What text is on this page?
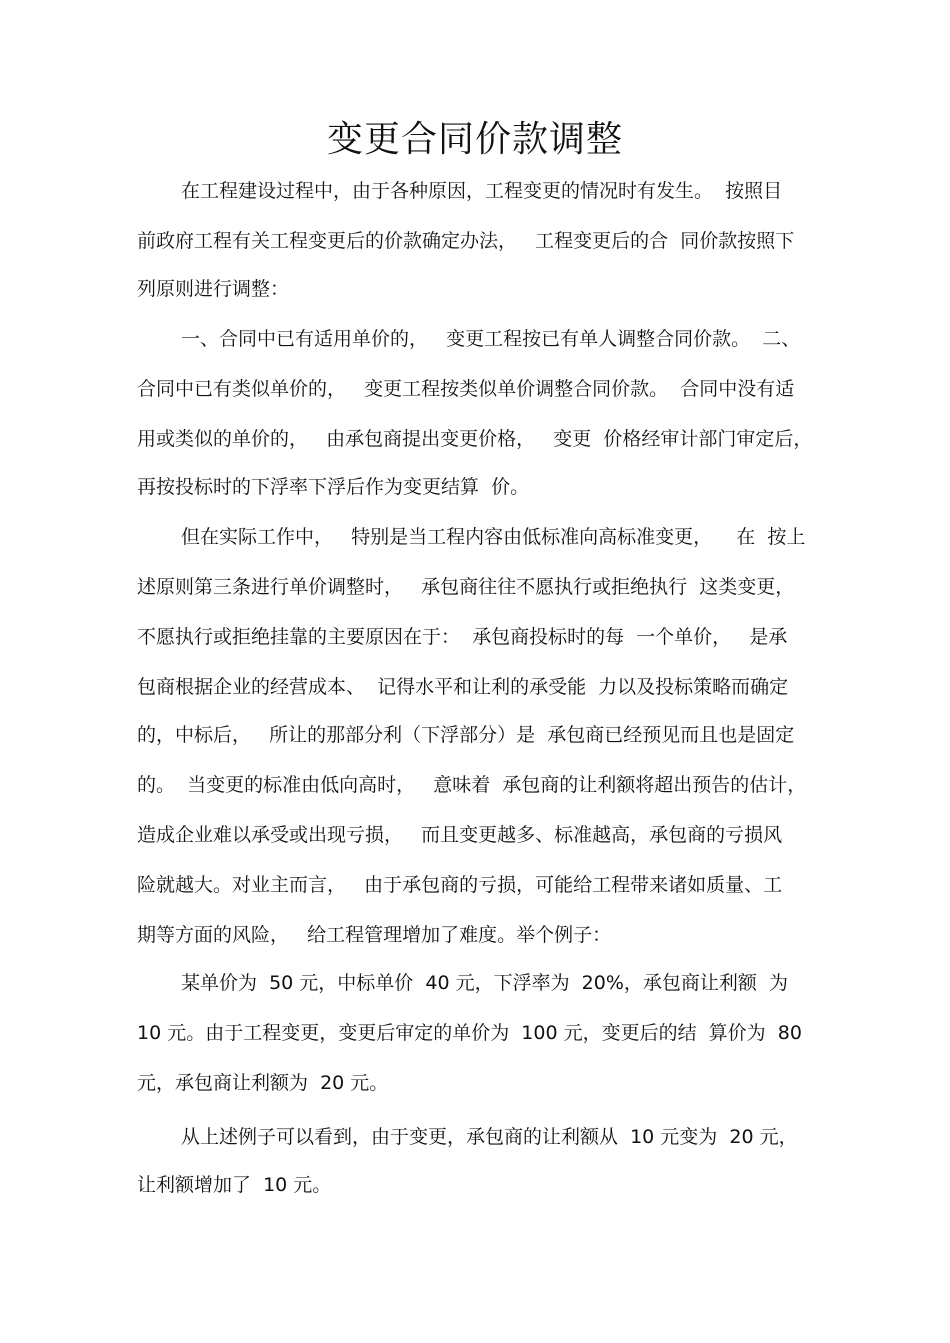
变更合同价款调整

在工程建设过程中，由于各种原因，工程变更的情况时有发生。  按照目

前政府工程有关工程变更后的价款确定办法，   工程变更后的合  同价款按照下

列原则进行调整：

一、合同中已有适用单价的，   变更工程按已有单人调整合同价款。  二、

合同中已有类似单价的，   变更工程按类似单价调整合同价款。  合同中没有适

用或类似的单价的，   由承包商提出变更价格，   变更  价格经审计部门审定后，

再按投标时的下浮率下浮后作为变更结算  价。

但在实际工作中，   特别是当工程内容由低标准向高标准变更，    在  按上

述原则第三条进行单价调整时，   承包商往往不愿执行或拒绝执行  这类变更，

不愿执行或拒绝挂靠的主要原因在于：  承包商投标时的每  一个单价，   是承

包商根据企业的经营成本、  记得水平和让利的承受能  力以及投标策略而确定

的，中标后，   所让的那部分利（下浮部分）是  承包商已经预见而且也是固定

的。  当变更的标准由低向高时，   意味着  承包商的让利额将超出预告的估计，

造成企业难以承受或出现亏损，   而且变更越多、标准越高，承包商的亏损风

险就越大。对业主而言，   由于承包商的亏损，可能给工程带来诸如质量、工

期等方面的风险，   给工程管理增加了难度。举个例子：

某单价为  50 元，中标单价  40 元，下浮率为  20%，承包商让利额  为

10 元。由于工程变更，变更后审定的单价为  100 元，变更后的结  算价为  80

元，承包商让利额为  20 元。

从上述例子可以看到，由于变更，承包商的让利额从  10 元变为  20 元，

让利额增加了  10 元。
